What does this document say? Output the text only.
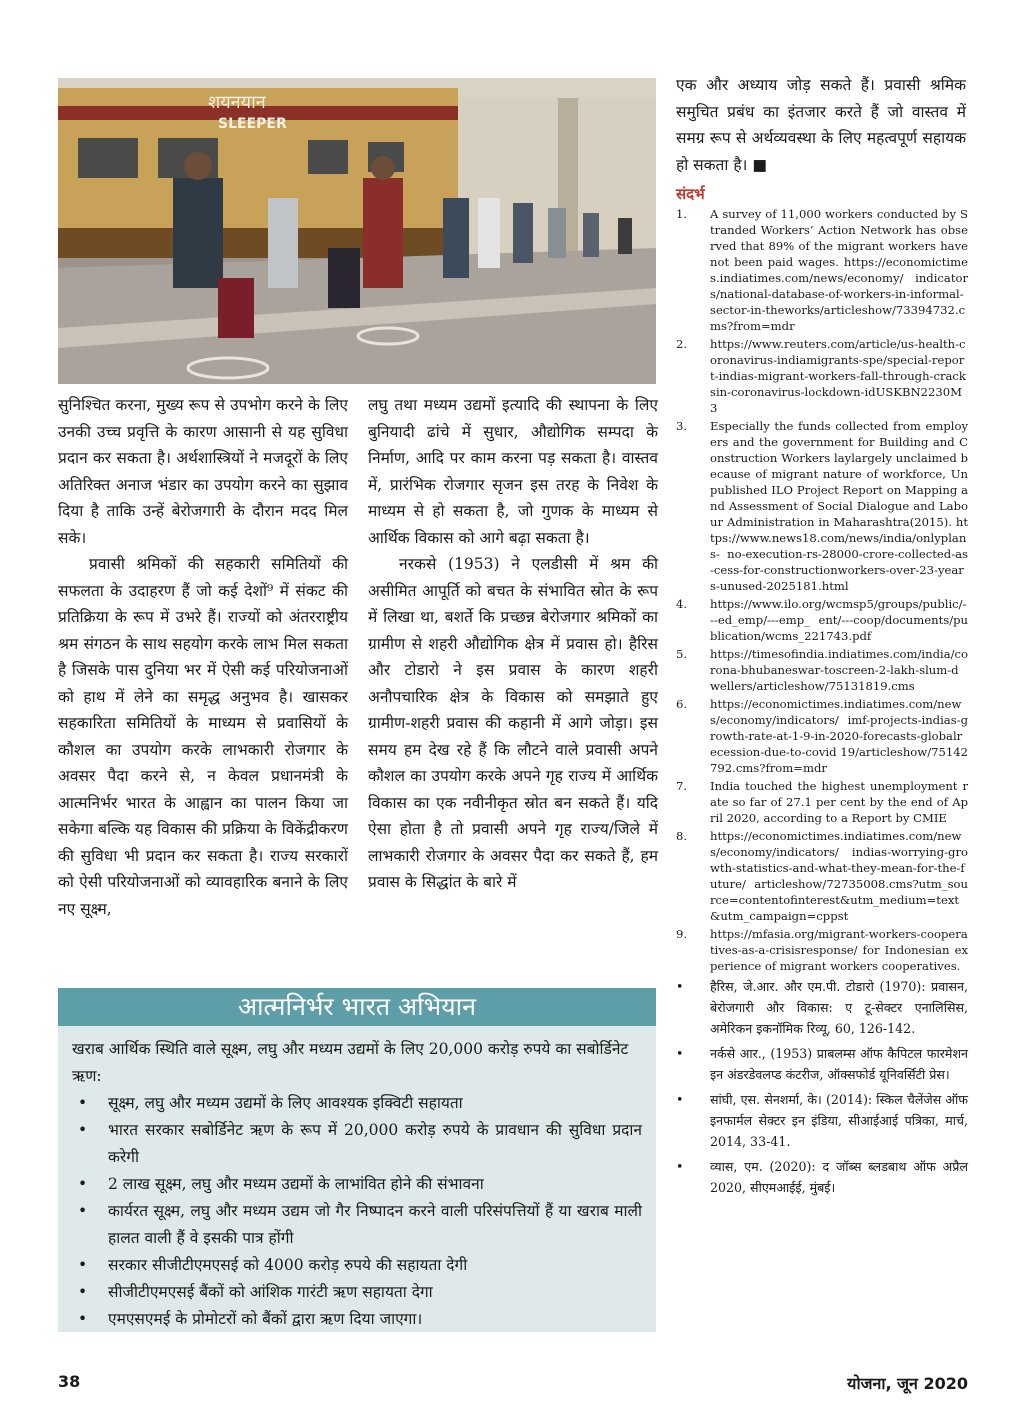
शयनयान
SLEEPER

एक और अध्याय जोड़ सकते हैं। प्रवासी श्रमिक समुचित प्रबंध का इंतजार करते हैं जो वास्तव में समग्र रूप से अर्थव्यवस्था के लिए महत्वपूर्ण सहायक हो सकता है। ■

संदर्भ
1.	A survey of 11,000 workers conducted by Stranded Workers’ Action Network has observed that 89% of the migrant workers have not been paid wages. https://economictimes.indiatimes.com/news/economy/ indicators/national-database-of-workers-in-informal-sector-in-theworks/articleshow/73394732.cms?from=mdr
2.	https://www.reuters.com/article/us-health-coronavirus-indiamigrants-spe/special-report-indias-migrant-workers-fall-through-cracksin-coronavirus-lockdown-idUSKBN2230M3
3.	Especially the funds collected from employers and the government for Building and Construction Workers laylargely unclaimed because of migrant nature of workforce, Unpublished ILO Project Report on Mapping and Assessment of Social Dialogue and Labour Administration in Maharashtra(2015). https://www.news18.com/news/india/onlyplans- no-execution-rs-28000-crore-collected-as-cess-for-constructionworkers-over-23-years-unused-2025181.html
4.	https://www.ilo.org/wcmsp5/groups/public/---ed_emp/---emp_ ent/---coop/documents/publication/wcms_221743.pdf
5.	https://timesofindia.indiatimes.com/india/corona-bhubaneswar-toscreen-2-lakh-slum-dwellers/articleshow/75131819.cms
6.	https://economictimes.indiatimes.com/news/economy/indicators/ imf-projects-indias-growth-rate-at-1-9-in-2020-forecasts-globalrecession-due-to-covid 19/articleshow/75142792.cms?from=mdr
7.	India touched the highest unemployment rate so far of 27.1 per cent by the end of April 2020, according to a Report by CMIE
8.	https://economictimes.indiatimes.com/news/economy/indicators/ indias-worrying-growth-statistics-and-what-they-mean-for-the-future/ articleshow/72735008.cms?utm_source=contentofinterest&utm_medium=text&utm_campaign=cppst
9.	https://mfasia.org/migrant-workers-cooperatives-as-a-crisisresponse/ for Indonesian experience of migrant workers cooperatives.
•	हैरिस, जे.आर. और एम.पी. टोडारो (1970): प्रवासन, बेरोजगारी और विकास: ए टू-सेक्टर एनालिसिस, अमेरिकन इकनॉमिक रिव्यू, 60, 126-142.
•	नर्कसे आर., (1953) प्राबलम्स ऑफ कैपिटल फारमेशन इन अंडरडेवलप्ड कंटरीज, ऑक्सफोर्ड यूनिवर्सिटी प्रेस।
•	सांघी, एस. सेनशर्मा, के। (2014): स्किल चैलेंजेस ऑफ इनफार्मल सेक्टर इन इंडिया, सीआईआई पत्रिका, मार्च, 2014, 33-41.
•	व्यास, एम. (2020): द जॉब्स ब्लडबाथ ऑफ अप्रैल 2020, सीएमआईई, मुंबई।

सुनिश्चित करना, मुख्य रूप से उपभोग करने के लिए उनकी उच्च प्रवृत्ति के कारण आसानी से यह सुविधा प्रदान कर सकता है। अर्थशास्त्रियों ने मजदूरों के लिए अतिरिक्त अनाज भंडार का उपयोग करने का सुझाव दिया है ताकि उन्हें बेरोजगारी के दौरान मदद मिल सके।

प्रवासी श्रमिकों की सहकारी समितियों की सफलता के उदाहरण हैं जो कई देशों⁹ में संकट की प्रतिक्रिया के रूप में उभरे हैं। राज्यों को अंतरराष्ट्रीय श्रम संगठन के साथ सहयोग करके लाभ मिल सकता है जिसके पास दुनिया भर में ऐसी कई परियोजनाओं को हाथ में लेने का समृद्ध अनुभव है। खासकर सहकारिता समितियों के माध्यम से प्रवासियों के कौशल का उपयोग करके लाभकारी रोजगार के अवसर पैदा करने से, न केवल प्रधानमंत्री के आत्मनिर्भर भारत के आह्वान का पालन किया जा सकेगा बल्कि यह विकास की प्रक्रिया के विकेंद्रीकरण की सुविधा भी प्रदान कर सकता है। राज्य सरकारों को ऐसी परियोजनाओं को व्यावहारिक बनाने के लिए नए सूक्ष्म,

लघु तथा मध्यम उद्यमों इत्यादि की स्थापना के लिए बुनियादी ढांचे में सुधार, औद्योगिक सम्पदा के निर्माण, आदि पर काम करना पड़ सकता है। वास्तव में, प्रारंभिक रोजगार सृजन इस तरह के निवेश के माध्यम से हो सकता है, जो गुणक के माध्यम से आर्थिक विकास को आगे बढ़ा सकता है।

नरकसे (1953) ने एलडीसी में श्रम की असीमित आपूर्ति को बचत के संभावित स्रोत के रूप में लिखा था, बशर्ते कि प्रच्छन्न बेरोजगार श्रमिकों का ग्रामीण से शहरी औद्योगिक क्षेत्र में प्रवास हो। हैरिस और टोडारो ने इस प्रवास के कारण शहरी अनौपचारिक क्षेत्र के विकास को समझाते हुए ग्रामीण-शहरी प्रवास की कहानी में आगे जोड़ा। इस समय हम देख रहे हैं कि लौटने वाले प्रवासी अपने कौशल का उपयोग करके अपने गृह राज्य में आर्थिक विकास का एक नवीनीकृत स्रोत बन सकते हैं। यदि ऐसा होता है तो प्रवासी अपने गृह राज्य/जिले में लाभकारी रोजगार के अवसर पैदा कर सकते हैं, हम प्रवास के सिद्धांत के बारे में

आत्मनिर्भर भारत अभियान

खराब आर्थिक स्थिति वाले सूक्ष्म, लघु और मध्यम उद्यमों के लिए 20,000 करोड़ रुपये का सबोर्डिनेट ऋण:

•	सूक्ष्म, लघु और मध्यम उद्यमों के लिए आवश्यक इक्विटी सहायता
•	भारत सरकार सबोर्डिनेट ऋण के रूप में 20,000 करोड़ रुपये के प्रावधान की सुविधा प्रदान करेगी
•	2 लाख सूक्ष्म, लघु और मध्यम उद्यमों के लाभांवित होने की संभावना
•	कार्यरत सूक्ष्म, लघु और मध्यम उद्यम जो गैर निष्पादन करने वाली परिसंपत्तियों हैं या खराब माली हालत वाली हैं वे इसकी पात्र होंगी
•	सरकार सीजीटीएमएसई को 4000 करोड़ रुपये की सहायता देगी
•	सीजीटीएमएसई बैंकों को आंशिक गारंटी ऋण सहायता देगा
•	एमएसएमई के प्रोमोटरों को बैंकों द्वारा ऋण दिया जाएगा।
38	योजना, जून 2020
